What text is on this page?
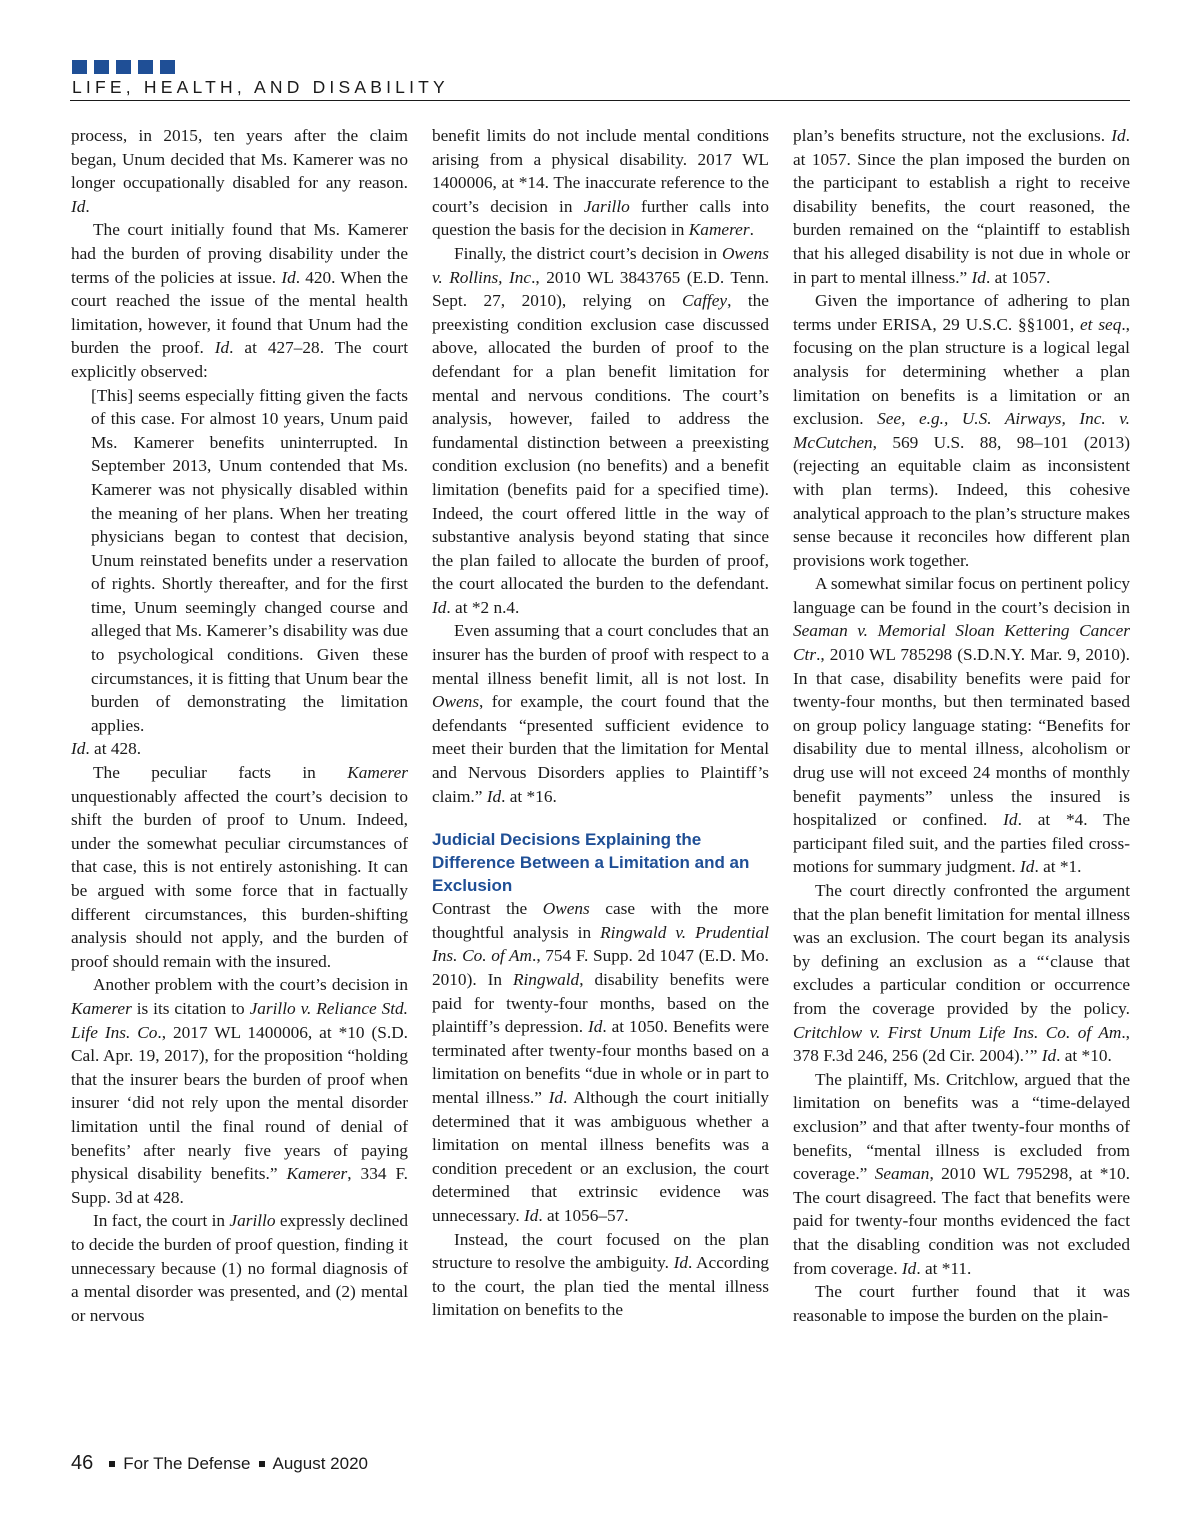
LIFE, HEALTH, AND DISABILITY

process, in 2015, ten years after the claim began, Unum decided that Ms. Kamerer was no longer occupationally disabled for any reason. Id.

The court initially found that Ms. Kamerer had the burden of proving disability under the terms of the policies at issue. Id. 420. When the court reached the issue of the mental health limitation, however, it found that Unum had the burden the proof. Id. at 427–28. The court explicitly observed:

[This] seems especially fitting given the facts of this case. For almost 10 years, Unum paid Ms. Kamerer benefits uninterrupted. In September 2013, Unum contended that Ms. Kamerer was not physically disabled within the meaning of her plans. When her treating physicians began to contest that decision, Unum reinstated benefits under a reservation of rights. Shortly thereafter, and for the first time, Unum seemingly changed course and alleged that Ms. Kamerer’s disability was due to psychological conditions. Given these circumstances, it is fitting that Unum bear the burden of demonstrating the limitation applies.

Id. at 428.

The peculiar facts in Kamerer unquestionably affected the court’s decision to shift the burden of proof to Unum. Indeed, under the somewhat peculiar circumstances of that case, this is not entirely astonishing. It can be argued with some force that in factually different circumstances, this burden-shifting analysis should not apply, and the burden of proof should remain with the insured.

Another problem with the court’s decision in Kamerer is its citation to Jarillo v. Reliance Std. Life Ins. Co., 2017 WL 1400006, at *10 (S.D. Cal. Apr. 19, 2017), for the proposition “holding that the insurer bears the burden of proof when insurer ‘did not rely upon the mental disorder limitation until the final round of denial of benefits’ after nearly five years of paying physical disability benefits.” Kamerer, 334 F. Supp. 3d at 428.

In fact, the court in Jarillo expressly declined to decide the burden of proof question, finding it unnecessary because (1) no formal diagnosis of a mental disorder was presented, and (2) mental or nervous

benefit limits do not include mental conditions arising from a physical disability. 2017 WL 1400006, at *14. The inaccurate reference to the court’s decision in Jarillo further calls into question the basis for the decision in Kamerer.

Finally, the district court’s decision in Owens v. Rollins, Inc., 2010 WL 3843765 (E.D. Tenn. Sept. 27, 2010), relying on Caffey, the preexisting condition exclusion case discussed above, allocated the burden of proof to the defendant for a plan benefit limitation for mental and nervous conditions. The court’s analysis, however, failed to address the fundamental distinction between a preexisting condition exclusion (no benefits) and a benefit limitation (benefits paid for a specified time). Indeed, the court offered little in the way of substantive analysis beyond stating that since the plan failed to allocate the burden of proof, the court allocated the burden to the defendant. Id. at *2 n.4.

Even assuming that a court concludes that an insurer has the burden of proof with respect to a mental illness benefit limit, all is not lost. In Owens, for example, the court found that the defendants “presented sufficient evidence to meet their burden that the limitation for Mental and Nervous Disorders applies to Plaintiff’s claim.” Id. at *16.

Judicial Decisions Explaining the Difference Between a Limitation and an Exclusion

Contrast the Owens case with the more thoughtful analysis in Ringwald v. Prudential Ins. Co. of Am., 754 F. Supp. 2d 1047 (E.D. Mo. 2010). In Ringwald, disability benefits were paid for twenty-four months, based on the plaintiff’s depression. Id. at 1050. Benefits were terminated after twenty-four months based on a limitation on benefits “due in whole or in part to mental illness.” Id. Although the court initially determined that it was ambiguous whether a limitation on mental illness benefits was a condition precedent or an exclusion, the court determined that extrinsic evidence was unnecessary. Id. at 1056–57.

Instead, the court focused on the plan structure to resolve the ambiguity. Id. According to the court, the plan tied the mental illness limitation on benefits to the

plan’s benefits structure, not the exclusions. Id. at 1057. Since the plan imposed the burden on the participant to establish a right to receive disability benefits, the court reasoned, the burden remained on the “plaintiff to establish that his alleged disability is not due in whole or in part to mental illness.” Id. at 1057.

Given the importance of adhering to plan terms under ERISA, 29 U.S.C. §§1001, et seq., focusing on the plan structure is a logical legal analysis for determining whether a plan limitation on benefits is a limitation or an exclusion. See, e.g., U.S. Airways, Inc. v. McCutchen, 569 U.S. 88, 98–101 (2013) (rejecting an equitable claim as inconsistent with plan terms). Indeed, this cohesive analytical approach to the plan’s structure makes sense because it reconciles how different plan provisions work together.

A somewhat similar focus on pertinent policy language can be found in the court’s decision in Seaman v. Memorial Sloan Kettering Cancer Ctr., 2010 WL 785298 (S.D.N.Y. Mar. 9, 2010). In that case, disability benefits were paid for twenty-four months, but then terminated based on group policy language stating: “Benefits for disability due to mental illness, alcoholism or drug use will not exceed 24 months of monthly benefit payments” unless the insured is hospitalized or confined. Id. at *4. The participant filed suit, and the parties filed cross-motions for summary judgment. Id. at *1.

The court directly confronted the argument that the plan benefit limitation for mental illness was an exclusion. The court began its analysis by defining an exclusion as a “‘clause that excludes a particular condition or occurrence from the coverage provided by the policy. Critchlow v. First Unum Life Ins. Co. of Am., 378 F.3d 246, 256 (2d Cir. 2004).’” Id. at *10.

The plaintiff, Ms. Critchlow, argued that the limitation on benefits was a “time-delayed exclusion” and that after twenty-four months of benefits, “mental illness is excluded from coverage.” Seaman, 2010 WL 795298, at *10. The court disagreed. The fact that benefits were paid for twenty-four months evidenced the fact that the disabling condition was not excluded from coverage. Id. at *11.

The court further found that it was reasonable to impose the burden on the plain-

46 For The Defense August 2020
